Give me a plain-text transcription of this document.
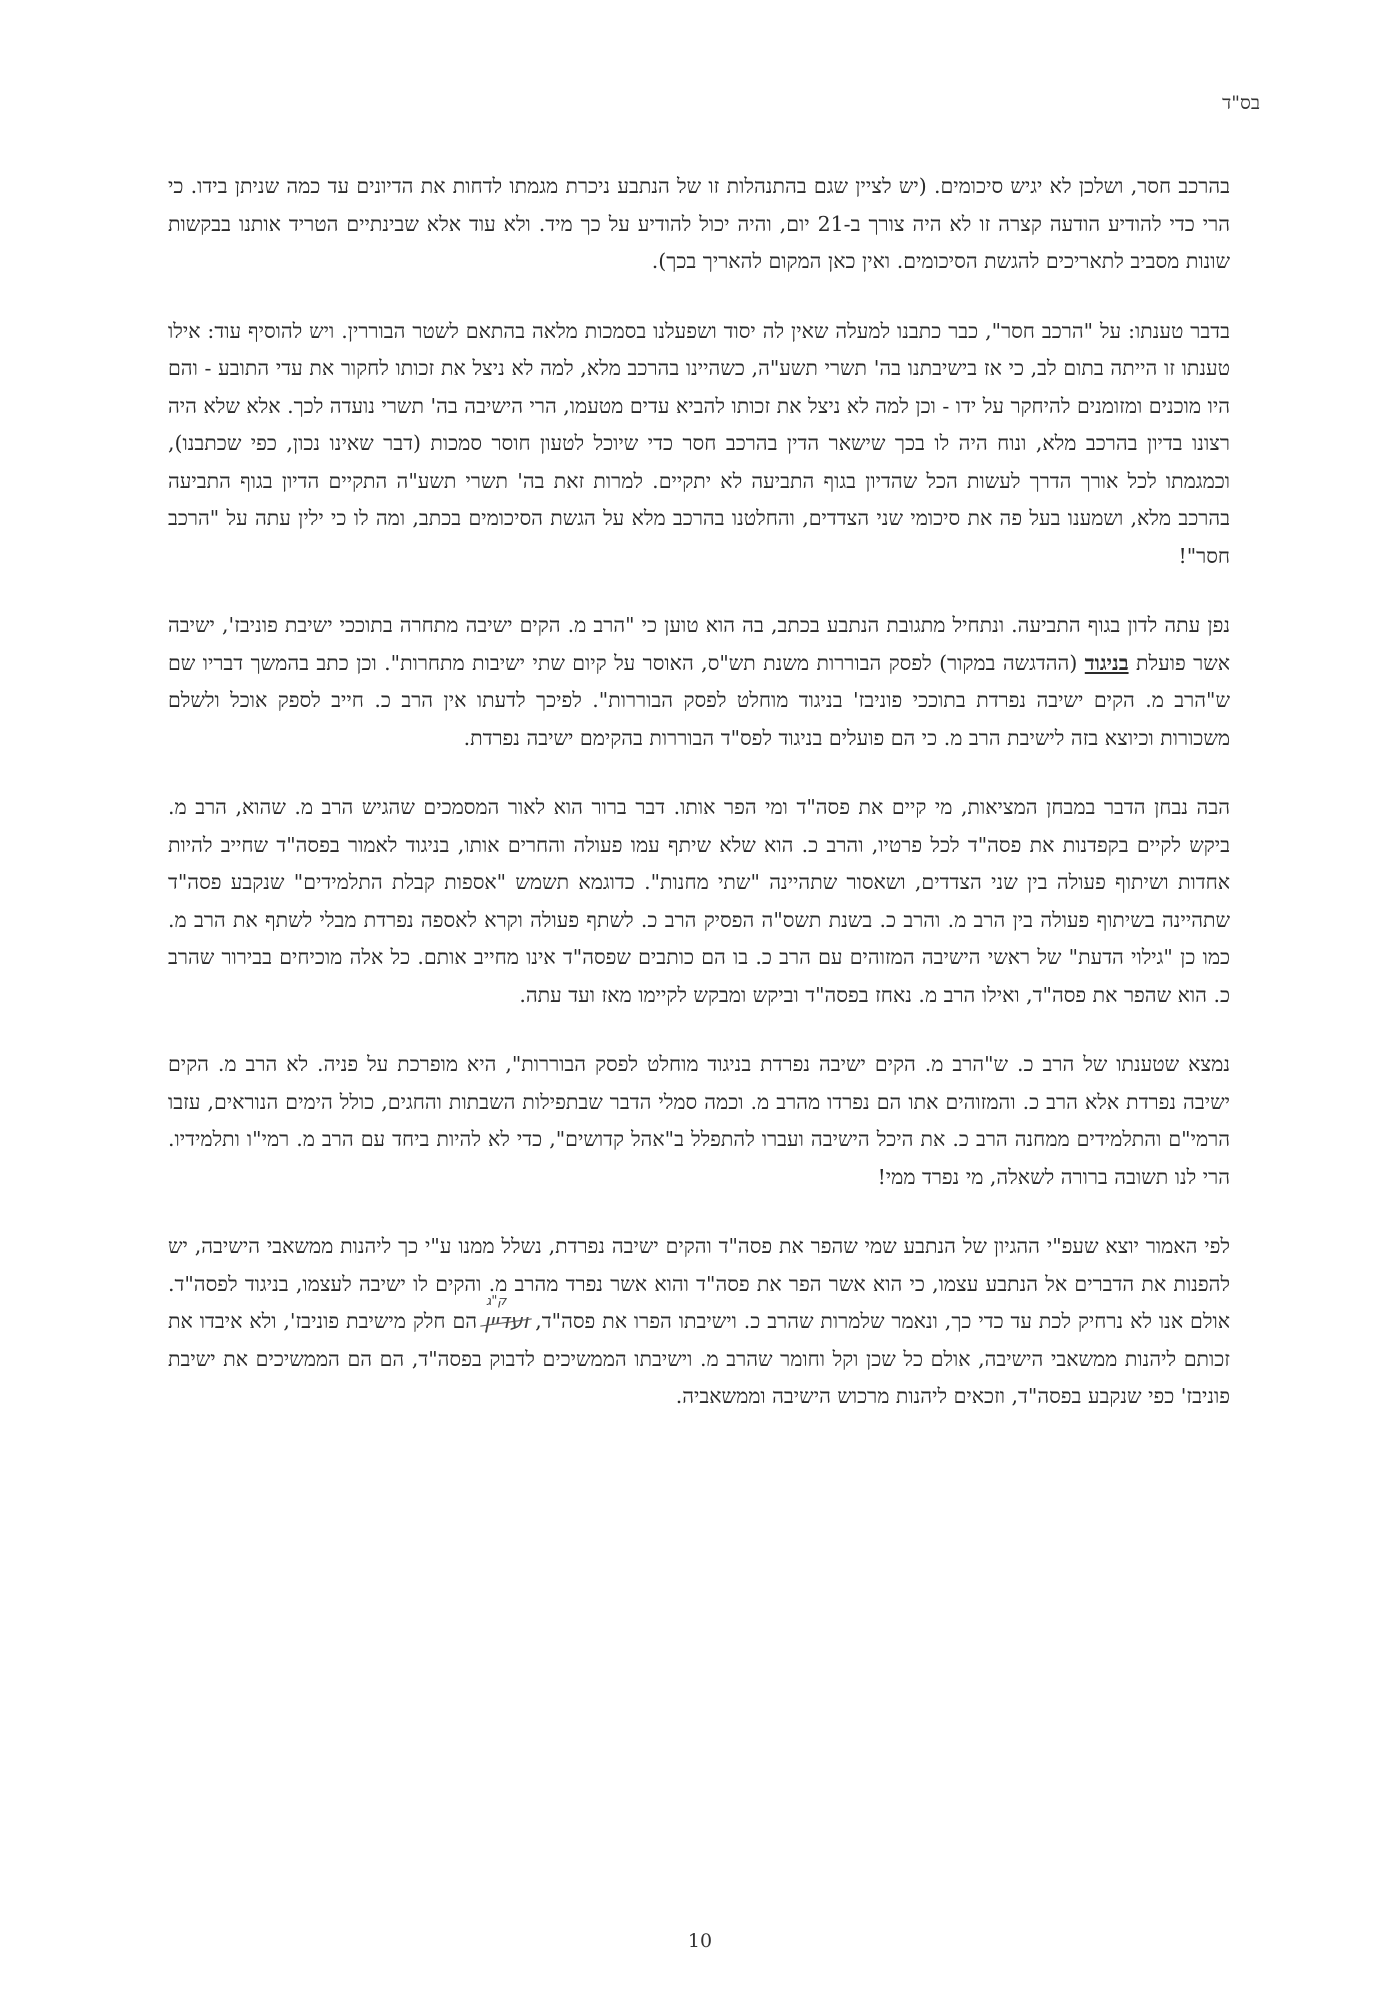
בס"ד

בהרכב חסר, ושלכן לא יגיש סיכומים. (יש לציין שגם בהתנהלות זו של הנתבע ניכרת מגמתו לדחות את הדיונים עד כמה שניתן בידו. כי הרי כדי להודיע הודעה קצרה זו לא היה צורך ב-21 יום, והיה יכול להודיע על כך מיד. ולא עוד אלא שבינתיים הטריד אותנו בבקשות שונות מסביב לתאריכים להגשת הסיכומים. ואין כאן המקום להאריך בכך).

בדבר טענתו: על "הרכב חסר", כבר כתבנו למעלה שאין לה יסוד ושפעלנו בסמכות מלאה בהתאם לשטר הבוררין. ויש להוסיף עוד: אילו טענתו זו הייתה בתום לב, כי אז בישיבתנו בה' תשרי תשע"ה, כשהיינו בהרכב מלא, למה לא ניצל את זכותו לחקור את עדי התובע - והם היו מוכנים ומזומנים להיחקר על ידו - וכן למה לא ניצל את זכותו להביא עדים מטעמו, הרי הישיבה בה' תשרי נועדה לכך. אלא שלא היה רצונו בדיון בהרכב מלא, ונוח היה לו בכך שישאר הדין בהרכב חסר כדי שיוכל לטעון חוסר סמכות (דבר שאינו נכון, כפי שכתבנו), וכמגמתו לכל אורך הדרך לעשות הכל שהדיון בגוף התביעה לא יתקיים. למרות זאת בה' תשרי תשע"ה התקיים הדיון בגוף התביעה בהרכב מלא, ושמענו בעל פה את סיכומי שני הצדדים, והחלטנו בהרכב מלא על הגשת הסיכומים בכתב, ומה לו כי ילין עתה על "הרכב חסר"!

נפן עתה לדון בגוף התביעה. ונתחיל מתגובת הנתבע בכתב, בה הוא טוען כי "הרב מ. הקים ישיבה מתחרה בתוככי ישיבת פוניבז', ישיבה אשר פועלת בניגוד (ההדגשה במקור) לפסק הבוררות משנת תש"ס, האוסר על קיום שתי ישיבות מתחרות". וכן כתב בהמשך דבריו שם ש"הרב מ. הקים ישיבה נפרדת בתוככי פוניבז' בניגוד מוחלט לפסק הבוררות". לפיכך לדעתו אין הרב כ. חייב לספק אוכל ולשלם משכורות וכיוצא בזה לישיבת הרב מ. כי הם פועלים בניגוד לפס"ד הבוררות בהקימם ישיבה נפרדת.

הבה נבחן הדבר במבחן המציאות, מי קיים את פסה"ד ומי הפר אותו. דבר ברור הוא לאור המסמכים שהגיש הרב מ. שהוא, הרב מ. ביקש לקיים בקפדנות את פסה"ד לכל פרטיו, והרב כ. הוא שלא שיתף עמו פעולה והחרים אותו, בניגוד לאמור בפסה"ד שחייב להיות אחדות ושיתוף פעולה בין שני הצדדים, ושאסור שתהיינה "שתי מחנות". כדוגמא תשמש "אספות קבלת התלמידים" שנקבע פסה"ד שתהיינה בשיתוף פעולה בין הרב מ. והרב כ. בשנת תשס"ה הפסיק הרב כ. לשתף פעולה וקרא לאספה נפרדת מבלי לשתף את הרב מ. כמו כן "גילוי הדעת" של ראשי הישיבה המזוהים עם הרב כ. בו הם כותבים שפסה"ד אינו מחייב אותם. כל אלה מוכיחים בבירור שהרב כ. הוא שהפר את פסה"ד, ואילו הרב מ. נאחז בפסה"ד וביקש ומבקש לקיימו מאז ועד עתה.

נמצא שטענתו של הרב כ. ש"הרב מ. הקים ישיבה נפרדת בניגוד מוחלט לפסק הבוררות", היא מופרכת על פניה. לא הרב מ. הקים ישיבה נפרדת אלא הרב כ. והמזוהים אתו הם נפרדו מהרב מ. וכמה סמלי הדבר שבתפילות השבתות והחגים, כולל הימים הנוראים, עזבו הרמי"ם והתלמידים ממחנה הרב כ. את היכל הישיבה ועברו להתפלל ב"אהל קדושים", כדי לא להיות ביחד עם הרב מ. רמי"ו ותלמידיו. הרי לנו תשובה ברורה לשאלה, מי נפרד ממי!

לפי האמור יוצא שעפ"י ההגיון של הנתבע שמי שהפר את פסה"ד והקים ישיבה נפרדת, נשלל ממנו ע"י כך ליהנות ממשאבי הישיבה, יש להפנות את הדברים אל הנתבע עצמו, כי הוא אשר הפר את פסה"ד והוא אשר נפרד מהרב מ. והקים לו ישיבה לעצמו, בניגוד לפסה"ד. אולם אנו לא נרחיק לכת עד כדי כך, ונאמר שלמרות שהרב כ. וישיבתו הפרו את פסה"ד, ועדיין
ק"ג
הם חלק מישיבת פוניבז', ולא איבדו את זכותם ליהנות ממשאבי הישיבה, אולם כל שכן וקל וחומר שהרב מ. וישיבתו הממשיכים לדבוק בפסה"ד, הם הם הממשיכים את ישיבת פוניבז' כפי שנקבע בפסה"ד, וזכאים ליהנות מרכוש הישיבה וממשאביה.

10
